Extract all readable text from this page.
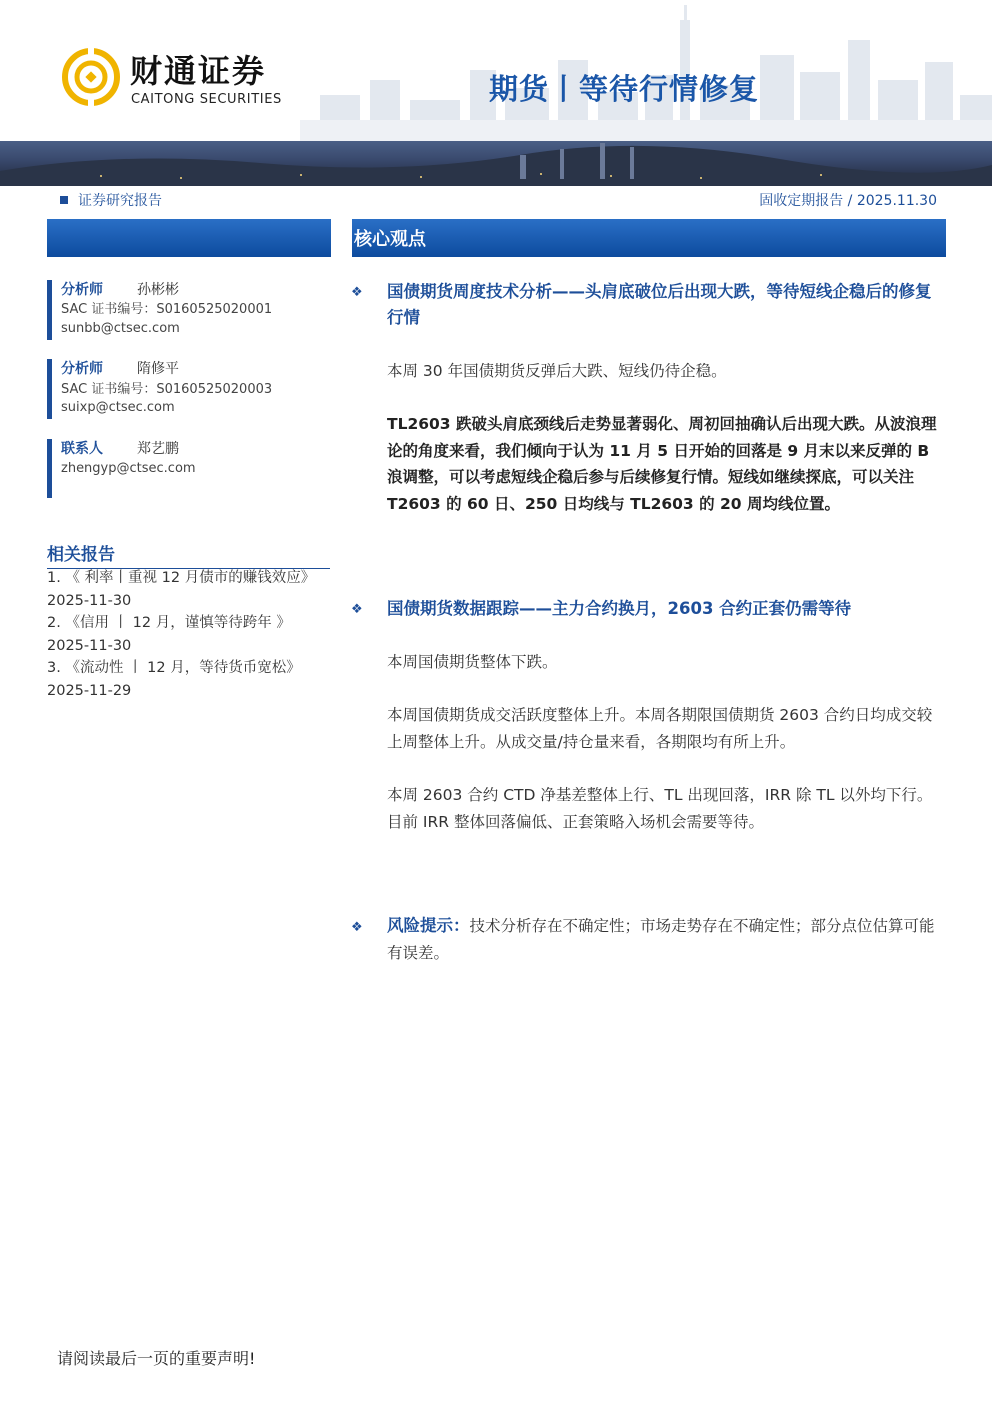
财通证券
CAITONG SECURITIES	期货丨等待行情修复
证券研究报告	固收定期报告 / 2025.11.30
核心观点
分析师 孙彬彬
SAC 证书编号：S0160525020001
sunbb@ctsec.com
分析师 隋修平
SAC 证书编号：S0160525020003
suixp@ctsec.com
联系人 郑艺鹏
zhengyp@ctsec.com
相关报告
1. 《 利率丨重视 12 月债市的赚钱效应》
2025-11-30
2. 《信用 丨 12 月，谨慎等待跨年 》
2025-11-30
3. 《流动性 丨 12 月，等待货币宽松》
2025-11-29
❖ 国债期货周度技术分析——头肩底破位后出现大跌，等待短线企稳后的修复行情
本周 30 年国债期货反弹后大跌、短线仍待企稳。
TL2603 跌破头肩底颈线后走势显著弱化、周初回抽确认后出现大跌。从波浪理论的角度来看，我们倾向于认为 11 月 5 日开始的回落是 9 月末以来反弹的 B 浪调整，可以考虑短线企稳后参与后续修复行情。短线如继续探底，可以关注 T2603 的 60 日、250 日均线与 TL2603 的 20 周均线位置。
❖ 国债期货数据跟踪——主力合约换月，2603 合约正套仍需等待
本周国债期货整体下跌。
本周国债期货成交活跃度整体上升。本周各期限国债期货 2603 合约日均成交较上周整体上升。从成交量/持仓量来看，各期限均有所上升。
本周 2603 合约 CTD 净基差整体上行、TL 出现回落，IRR 除 TL 以外均下行。目前 IRR 整体回落偏低、正套策略入场机会需要等待。
❖ 风险提示：技术分析存在不确定性；市场走势存在不确定性；部分点位估算可能有误差。
请阅读最后一页的重要声明!
